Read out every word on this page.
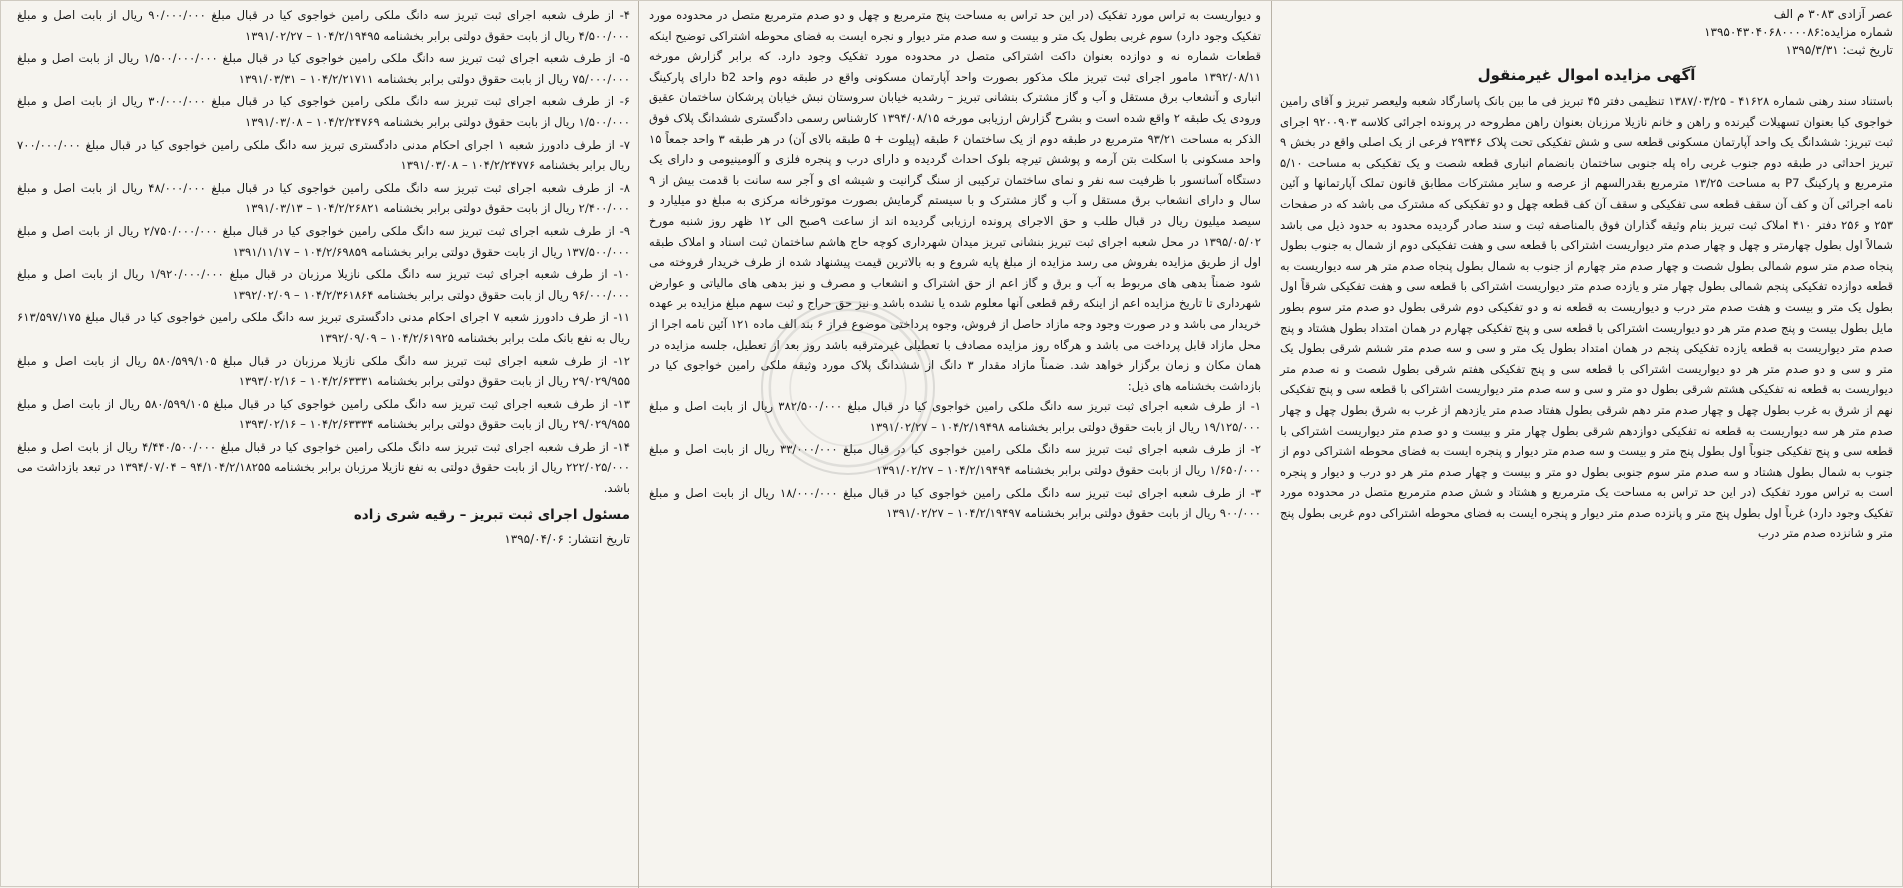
عصر آزادی ۳۰۸۳ م الف

شماره مزایده:۱۳۹۵۰۴۳۰۴۰۶۸۰۰۰۰۸۶

تاریخ ثبت: ۱۳۹۵/۳/۳۱

آگهی مزایده اموال غیرمنقول

باستناد سند رهنی شماره ۴۱۶۲۸ - ۱۳۸۷/۰۳/۲۵ تنظیمی دفتر ۴۵ تبریز فی ما بین بانک پاسارگاد شعبه ولیعصر تبریز و آقای رامین خواجوی کیا بعنوان تسهیلات گیرنده و راهن و خانم نازیلا مرزبان بعنوان راهن مطروحه در پرونده اجرائی کلاسه ۹۲۰۰۹۰۳ اجرای ثبت تبریز: ششدانگ یک واحد آپارتمان مسکونی قطعه سی و شش تفکیکی تحت پلاک ۲۹۳۴۶ فرعی از یک اصلی واقع در بخش ۹ تبریز احداثی در طبقه دوم جنوب غربی راه پله جنوبی ساختمان بانضمام انباری قطعه شصت و یک تفکیکی به مساحت ۵/۱۰ مترمربع و پارکینگ P7 به مساحت ۱۳/۲۵ مترمربع بقدرالسهم از عرصه و سایر مشترکات مطابق قانون تملک آپارتمانها و آئین نامه اجرائی آن و کف آن سقف قطعه سی تفکیکی و سقف آن کف قطعه چهل و دو تفکیکی که مشترک می باشد که در صفحات ۲۵۳ و ۲۵۶ دفتر ۴۱۰ املاک ثبت تبریز بنام وثیقه گذاران فوق بالمناصفه ثبت و سند صادر گردیده محدود به حدود ذیل می باشد شمالاً اول بطول چهارمتر و چهل و چهار صدم متر دیواریست اشتراکی با قطعه سی و هفت تفکیکی دوم از شمال به جنوب بطول پنجاه صدم متر سوم شمالی بطول شصت و چهار صدم متر چهارم از جنوب به شمال بطول پنجاه صدم متر هر سه دیواریست به قطعه دوازده تفکیکی پنجم شمالی بطول چهار متر و یازده صدم متر دیواریست اشتراکی با قطعه سی و هفت تفکیکی شرقاً اول بطول یک متر و بیست و هفت صدم متر درب و دیواریست به قطعه نه و دو تفکیکی دوم شرقی بطول دو صدم متر سوم بطور مایل بطول بیست و پنج صدم متر هر دو دیواریست اشتراکی با قطعه سی و پنج تفکیکی چهارم در همان امتداد بطول هشتاد و پنج صدم متر دیواریست به قطعه یازده تفکیکی پنجم در همان امتداد بطول یک متر و سی و سه صدم متر ششم شرقی بطول یک متر و سی و دو صدم متر هر دو دیواریست اشتراکی با قطعه سی و پنج تفکیکی هفتم شرقی بطول شصت و نه صدم متر دیواریست به قطعه نه تفکیکی هشتم شرقی بطول دو متر و سی و سه صدم متر دیواریست اشتراکی با قطعه سی و پنج تفکیکی نهم از شرق به غرب بطول چهل و چهار صدم متر دهم شرقی بطول هفتاد صدم متر یازدهم از غرب به شرق بطول چهل و چهار صدم متر هر سه دیواریست به قطعه نه تفکیکی دوازدهم شرقی بطول چهار متر و بیست و دو صدم متر دیواریست اشتراکی با قطعه سی و پنج تفکیکی جنوباً اول بطول پنج متر و بیست و سه صدم متر دیوار و پنجره ایست به فضای محوطه اشتراکی دوم از جنوب به شمال بطول هشتاد و سه صدم متر سوم جنوبی بطول دو متر و بیست و چهار صدم متر هر دو درب و دیوار و پنجره است به تراس مورد تفکیک (در این حد تراس به مساحت یک مترمربع و هشتاد و شش صدم مترمربع متصل در محدوده مورد تفکیک وجود دارد) غرباً اول بطول پنج متر و پانزده صدم متر دیوار و پنجره ایست به فضای محوطه اشتراکی دوم غربی بطول پنج متر و شانزده صدم متر درب

و دیواریست به تراس مورد تفکیک (در این حد تراس به مساحت پنج مترمربع و چهل و دو صدم مترمربع متصل در محدوده مورد تفکیک وجود دارد) سوم غربی بطول یک متر و بیست و سه صدم متر دیوار و نجره ایست به فضای محوطه اشتراکی توضیح اینکه قطعات شماره نه و دوازده بعنوان داکت اشتراکی متصل در محدوده مورد تفکیک وجود دارد. که برابر گزارش مورخه ۱۳۹۲/۰۸/۱۱ مامور اجرای ثبت تبریز ملک مذکور بصورت واحد آپارتمان مسکونی واقع در طبقه دوم واحد b2 دارای پارکینگ انباری و آنشعاب برق مستقل و آب و گاز مشترک بنشانی تبریز – رشدیه خیابان سروستان نبش خیابان پرشکان ساختمان عقیق ورودی یک طبقه ۲ واقع شده است و بشرح گزارش ارزیابی مورخه ۱۳۹۴/۰۸/۱۵ کارشناس رسمی دادگستری ششدانگ پلاک فوق الذکر به مساحت ۹۳/۲۱ مترمربع در طبقه دوم از یک ساختمان ۶ طبقه (پیلوت + ۵ طبقه بالای آن) در هر طبقه ۳ واحد جمعاً ۱۵ واحد مسکونی با اسکلت بتن آرمه و پوشش تیرچه بلوک احداث گردیده و دارای درب و پنجره فلزی و آلومینیومی و دارای یک دستگاه آسانسور با ظرفیت سه نفر و نمای ساختمان ترکیبی از سنگ گرانیت و شیشه ای و آجر سه سانت با قدمت بیش از ۹ سال و دارای انشعاب برق مستقل و آب و گاز مشترک و با سیستم گرمایش بصورت موتورخانه مرکزی به مبلغ دو میلیارد و سیصد میلیون ریال در قبال طلب و حق الاجرای پرونده ارزیابی گردیده اند از ساعت ۹صبح الی ۱۲ ظهر روز شنبه مورخ ۱۳۹۵/۰۵/۰۲ در محل شعبه اجرای ثبت تبریز بنشانی تبریز میدان شهرداری کوچه حاج هاشم ساختمان ثبت اسناد و املاک طبقه اول از طریق مزایده بفروش می رسد مزایده از مبلغ پایه شروع و به بالاترین قیمت پیشنهاد شده از طرف خریدار فروخته می شود ضمناً بدهی های مربوط به آب و برق و گاز اعم از حق اشتراک و انشعاب و مصرف و نیز بدهی های مالیاتی و عوارض شهرداری تا تاریخ مزایده اعم از اینکه رقم قطعی آنها معلوم شده یا نشده باشد و نیز حق حراج و ثبت سهم مبلغ مزایده بر عهده خریدار می باشد و در صورت وجود وجه مازاد حاصل از فروش، وجوه پرداختی موضوع فراز ۶ بند الف ماده ۱۲۱ آئین نامه اجرا از محل مازاد قابل پرداخت می باشد و هرگاه روز مزایده مصادف با تعطیلی غیرمترقبه باشد روز بعد از تعطیل، جلسه مزایده در همان مکان و زمان برگزار خواهد شد. ضمناً مازاد مقدار ۳ دانگ از ششدانگ پلاک مورد وثیقه ملکی رامین خواجوی کیا در بازداشت بخشنامه های ذیل:

۱- از طرف شعبه اجرای ثبت تبریز سه دانگ ملکی رامین خواجوی کیا در قبال مبلغ ۳۸۲/۵۰۰/۰۰۰ ریال از بابت اصل و مبلغ ۱۹/۱۲۵/۰۰۰ ریال از بابت حقوق دولتی برابر بخشنامه ۱۰۴/۲/۱۹۴۹۸ – ۱۳۹۱/۰۲/۲۷

۲- از طرف شعبه اجرای ثبت تبریز سه دانگ ملکی رامین خواجوی کیا در قبال مبلغ ۳۳/۰۰۰/۰۰۰ ریال از بابت اصل و مبلغ ۱/۶۵۰/۰۰۰ ریال از بابت حقوق دولتی برابر بخشنامه ۱۰۴/۲/۱۹۴۹۴ – ۱۳۹۱/۰۲/۲۷

۳- از طرف شعبه اجرای ثبت تبریز سه دانگ ملکی رامین خواجوی کیا در قبال مبلغ ۱۸/۰۰۰/۰۰۰ ریال از بابت اصل و مبلغ ۹۰۰/۰۰۰ ریال از بابت حقوق دولتی برابر بخشنامه ۱۰۴/۲/۱۹۴۹۷ – ۱۳۹۱/۰۲/۲۷

۴- از طرف شعبه اجرای ثبت تبریز سه دانگ ملکی رامین خواجوی کیا در قبال مبلغ ۹۰/۰۰۰/۰۰۰ ریال از بابت اصل و مبلغ ۴/۵۰۰/۰۰۰ ریال از بابت حقوق دولتی برابر بخشنامه ۱۰۴/۲/۱۹۴۹۵ – ۱۳۹۱/۰۲/۲۷

۵- از طرف شعبه اجرای ثبت تبریز سه دانگ ملکی رامین خواجوی کیا در قبال مبلغ ۱/۵۰۰/۰۰۰/۰۰۰ ریال از بابت اصل و مبلغ ۷۵/۰۰۰/۰۰۰ ریال از بابت حقوق دولتی برابر بخشنامه ۱۰۴/۲/۲۱۷۱۱ – ۱۳۹۱/۰۳/۳۱

۶- از طرف شعبه اجرای ثبت تبریز سه دانگ ملکی رامین خواجوی کیا در قبال مبلغ ۳۰/۰۰۰/۰۰۰ ریال از بابت اصل و مبلغ ۱/۵۰۰/۰۰۰ ریال از بابت حقوق دولتی برابر بخشنامه ۱۰۴/۲/۲۴۷۶۹ – ۱۳۹۱/۰۳/۰۸

۷- از طرف دادورز شعبه ۱ اجرای احکام مدنی دادگستری تبریز سه دانگ ملکی رامین خواجوی کیا در قبال مبلغ ۷۰۰/۰۰۰/۰۰۰ ریال برابر بخشنامه ۱۰۴/۲/۲۴۷۷۶ – ۱۳۹۱/۰۳/۰۸

۸- از طرف شعبه اجرای ثبت تبریز سه دانگ ملکی رامین خواجوی کیا در قبال مبلغ ۴۸/۰۰۰/۰۰۰ ریال از بابت اصل و مبلغ ۲/۴۰۰/۰۰۰ ریال از بابت حقوق دولتی برابر بخشنامه ۱۰۴/۲/۲۶۸۲۱ – ۱۳۹۱/۰۳/۱۳

۹- از طرف شعبه اجرای ثبت تبریز سه دانگ ملکی رامین خواجوی کیا در قبال مبلغ ۲/۷۵۰/۰۰۰/۰۰۰ ریال از بابت اصل و مبلغ ۱۳۷/۵۰۰/۰۰۰ ریال از بابت حقوق دولتی برابر بخشنامه ۱۰۴/۲/۶۹۸۵۹ – ۱۳۹۱/۱۱/۱۷

۱۰- از طرف شعبه اجرای ثبت تبریز سه دانگ ملکی نازیلا مرزبان در قبال مبلغ ۱/۹۲۰/۰۰۰/۰۰۰ ریال از بابت اصل و مبلغ ۹۶/۰۰۰/۰۰۰ ریال از بابت حقوق دولتی برابر بخشنامه ۱۰۴/۲/۳۶۱۸۶۴ – ۱۳۹۲/۰۲/۰۹

۱۱- از طرف دادورز شعبه ۷ اجرای احکام مدنی دادگستری تبریز سه دانگ ملکی رامین خواجوی کیا در قبال مبلغ ۶۱۳/۵۹۷/۱۷۵ ریال به نفع بانک ملت برابر بخشنامه ۱۰۴/۲/۶۱۹۲۵ – ۱۳۹۲/۰۹/۰۹

۱۲- از طرف شعبه اجرای ثبت تبریز سه دانگ ملکی نازیلا مرزبان در قبال مبلغ ۵۸۰/۵۹۹/۱۰۵ ریال از بابت اصل و مبلغ ۲۹/۰۲۹/۹۵۵ ریال از بابت حقوق دولتی برابر بخشنامه ۱۰۴/۲/۶۳۳۳۱ – ۱۳۹۳/۰۲/۱۶

۱۳- از طرف شعبه اجرای ثبت تبریز سه دانگ ملکی رامین خواجوی کیا در قبال مبلغ ۵۸۰/۵۹۹/۱۰۵ ریال از بابت اصل و مبلغ ۲۹/۰۲۹/۹۵۵ ریال از بابت حقوق دولتی برابر بخشنامه ۱۰۴/۲/۶۳۳۳۴ – ۱۳۹۳/۰۲/۱۶

۱۴- از طرف شعبه اجرای ثبت تبریز سه دانگ ملکی رامین خواجوی کیا در قبال مبلغ ۴/۴۴۰/۵۰۰/۰۰۰ ریال از بابت اصل و مبلغ ۲۲۲/۰۲۵/۰۰۰ ریال از بابت حقوق دولتی به نفع نازیلا مرزبان برابر بخشنامه ۹۴/۱۰۴/۲/۱۸۲۵۵ – ۱۳۹۴/۰۷/۰۴ در تبعد بازداشت می باشد.

مسئول اجرای ثبت تبریز – رقیه شری زاده
تاریخ انتشار: ۱۳۹۵/۰۴/۰۶
